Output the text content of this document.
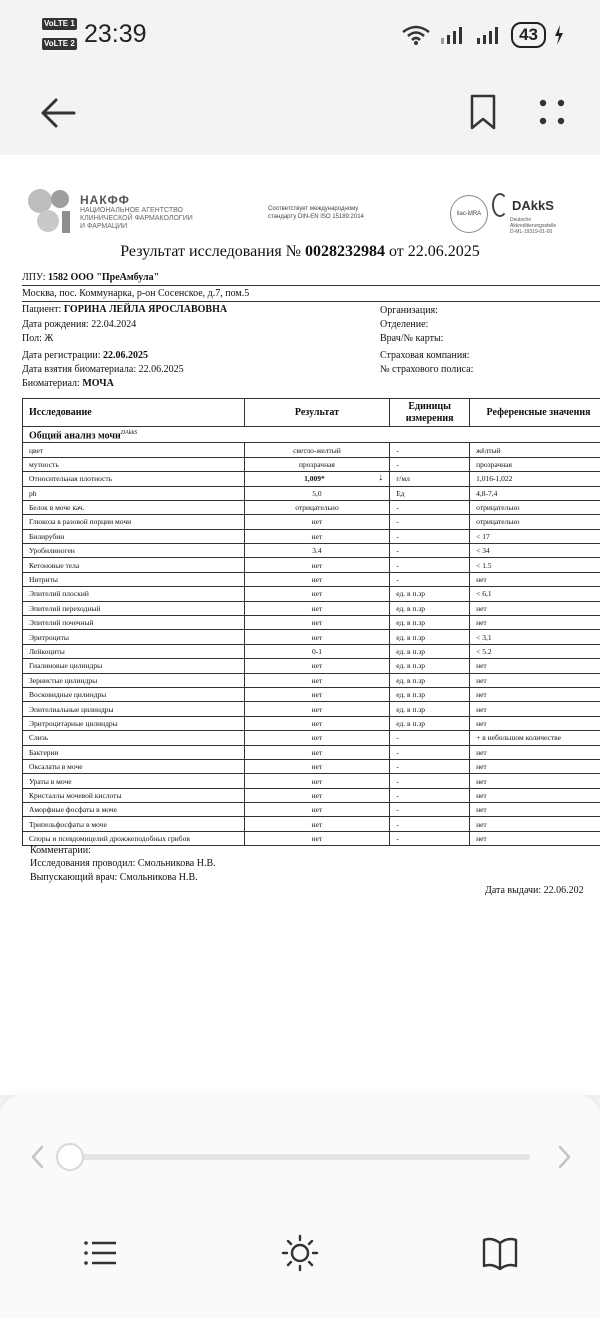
VoLTE 1
VoLTE 2 23:39	43
НАКФФ
НАЦИОНАЛЬНОЕ АГЕНТСТВО
КЛИНИЧЕСКОЙ ФАРМАКОЛОГИИ
И ФАРМАЦИИ
Соответствует международному
стандарту DIN-EN ISO 15189:2014	ilac-MRA
DAkkS
Deutsche
Akkreditierungsstelle
D-ML-19319-01-00
Результат исследования № 0028232984 от 22.06.2025
ЛПУ: 1582 ООО "ПреАмбула"
Москва, пос. Коммунарка, р-он Сосенское, д.7, пом.5
Пациент: ГОРИНА ЛЕЙЛА ЯРОСЛАВОВНА
Дата рождения: 22.04.2024
Пол: Ж
Дата регистрации: 22.06.2025
Дата взятия биоматериала: 22.06.2025
Биоматериал: МОЧА
Организация:
Отделение:
Врач/№ карты:
Страховая компания:
№ страхового полиса:
Исследование	Результат	Единицы измерения	Референсные значения
Общий анализ мочи$^{DAkkS}$
цвет	светло-желтый	-	жёлтый
мутность	прозрачная	-	прозрачная
Относительная плотность	1,009* ↓	г/мл	1,016-1,022
ph	5,0	Ед	4,8-7,4
Белок в моче кач.	отрицательно	-	отрицательно
Глюкоза в разовой порции мочи	нет	-	отрицательно
Билирубин	нет	-	< 17
Уробилиноген	3.4	-	< 34
Кетоновые тела	нет	-	< 1.5
Нитриты	нет	-	нет
Эпителий плоский	нет	ед. в п.зр	< 6,1
Эпителий переходный	нет	ед. в п.зр	нет
Эпителий почечный	нет	ед. в п.зр	нет
Эритроциты	нет	ед. в п.зр	< 3,1
Лейкоциты	0-1	ед. в п.зр	< 5.2
Гиалиновые цилиндры	нет	ед. в п.зр	нет
Зернистые цилиндры	нет	ед. в п.зр	нет
Восковидные цилиндры	нет	ед. в п.зр	нет
Эпителиальные цилиндры	нет	ед. в п.зр	нет
Эритроцитарные цилиндры	нет	ед. в п.зр	нет
Слизь	нет	-	+ в небольшом количестве
Бактерии	нет	-	нет
Оксалаты в моче	нет	-	нет
Ураты в моче	нет	-	нет
Кристаллы мочевой кислоты	нет	-	нет
Аморфные фосфаты в моче	нет	-	нет
Трипельфосфаты в моче	нет	-	нет
Споры и псевдомицелий дрожжеподобных грибов	нет	-	нет
Комментарии:
Исследования проводил: Смольникова Н.В.
Выпускающий врач: Смольникова Н.В.
Дата выдачи: 22.06.202
